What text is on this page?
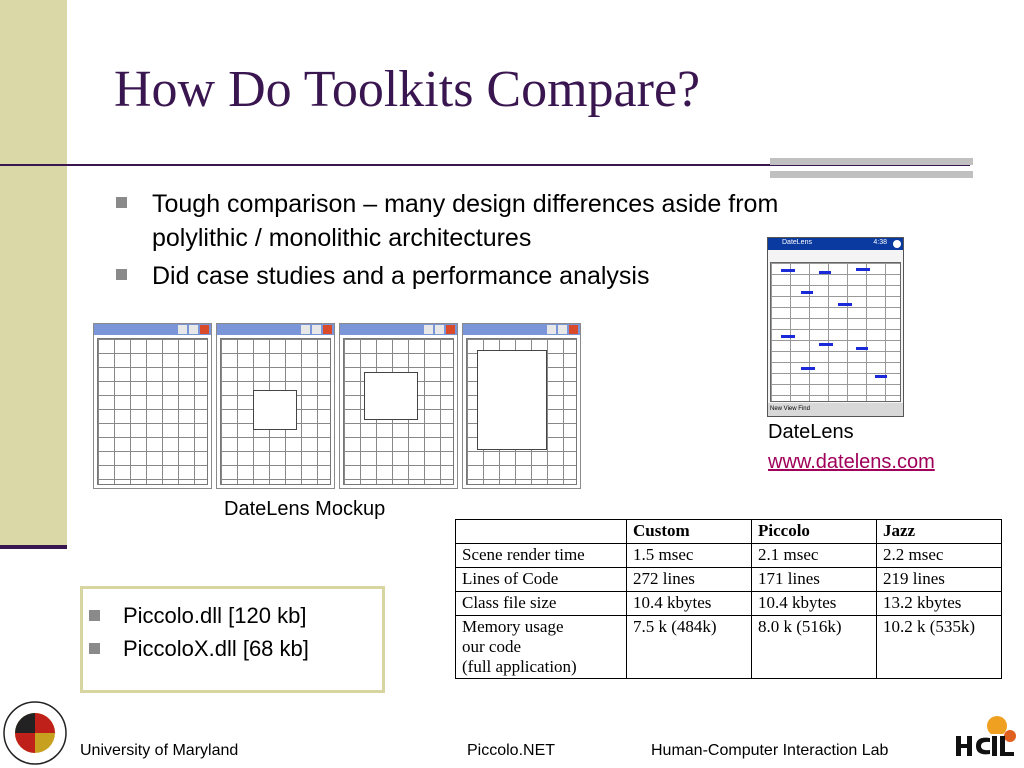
How Do Toolkits Compare?
Tough comparison – many design differences aside from polylithic / monolithic architectures
Did case studies and a performance analysis
DateLens Mockup
DateLens	4:38
New View Find
DateLens
www.datelens.com
Piccolo.dll [120 kb]
PiccoloX.dll [68 kb]
	Custom	Piccolo	Jazz
Scene render time	1.5 msec	2.1 msec	2.2 msec
Lines of Code	272 lines	171 lines	219 lines
Class file size	10.4 kbytes	10.4 kbytes	13.2 kbytes
Memory usage
our code
(full application)	7.5 k (484k)	8.0 k (516k)	10.2 k (535k)
University of Maryland	Piccolo.NET	Human-Computer Interaction Lab
